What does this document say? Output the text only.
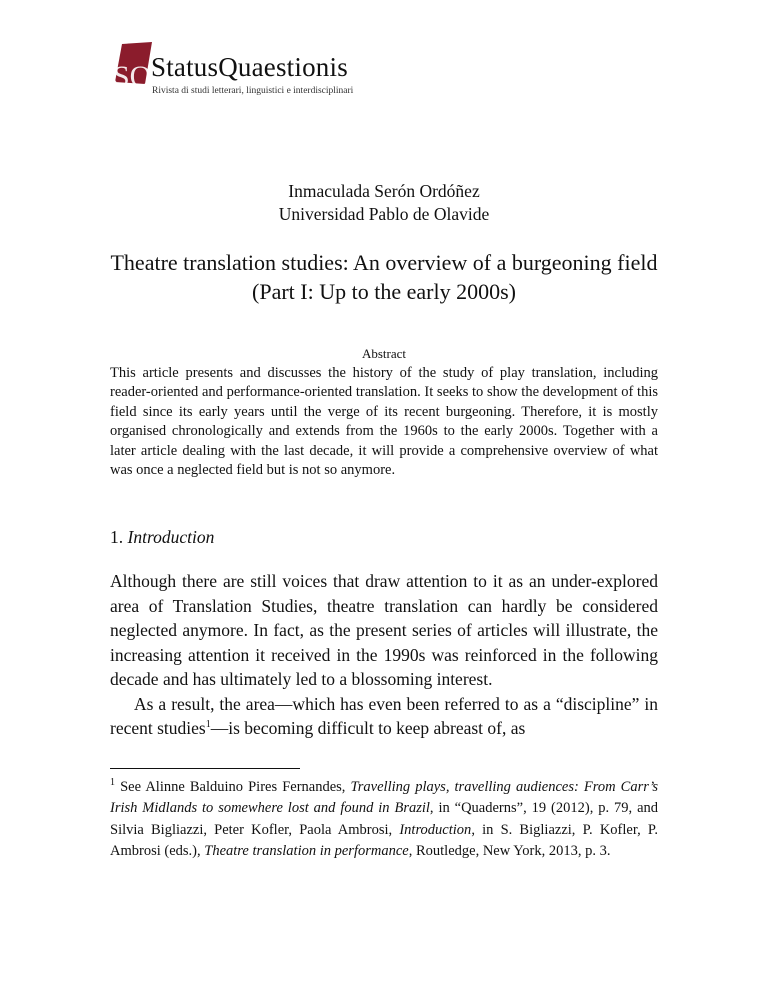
SQ StatusQuaestionis
Rivista di studi letterari, linguistici e interdisciplinari
Inmaculada Serón Ordóñez
Universidad Pablo de Olavide
Theatre translation studies: An overview of a burgeoning field
(Part I: Up to the early 2000s)
Abstract
This article presents and discusses the history of the study of play translation, including reader-oriented and performance-oriented translation. It seeks to show the development of this field since its early years until the verge of its recent burgeoning. Therefore, it is mostly organised chronologically and extends from the 1960s to the early 2000s. Together with a later article dealing with the last decade, it will provide a comprehensive overview of what was once a neglected field but is not so anymore.
1. Introduction

Although there are still voices that draw attention to it as an under-explored area of Translation Studies, theatre translation can hardly be considered neglected anymore. In fact, as the present series of articles will illustrate, the increasing attention it received in the 1990s was reinforced in the following decade and has ultimately led to a blossoming interest.

As a result, the area—which has even been referred to as a “discipline” in recent studies$^1$—is becoming difficult to keep abreast of, as

$^1$ See Alinne Balduino Pires Fernandes, Travelling plays, travelling audiences: From Carr’s Irish Midlands to somewhere lost and found in Brazil, in “Quaderns”, 19 (2012), p. 79, and Silvia Bigliazzi, Peter Kofler, Paola Ambrosi, Introduction, in S. Bigliazzi, P. Kofler, P. Ambrosi (eds.), Theatre translation in performance, Routledge, New York, 2013, p. 3.
